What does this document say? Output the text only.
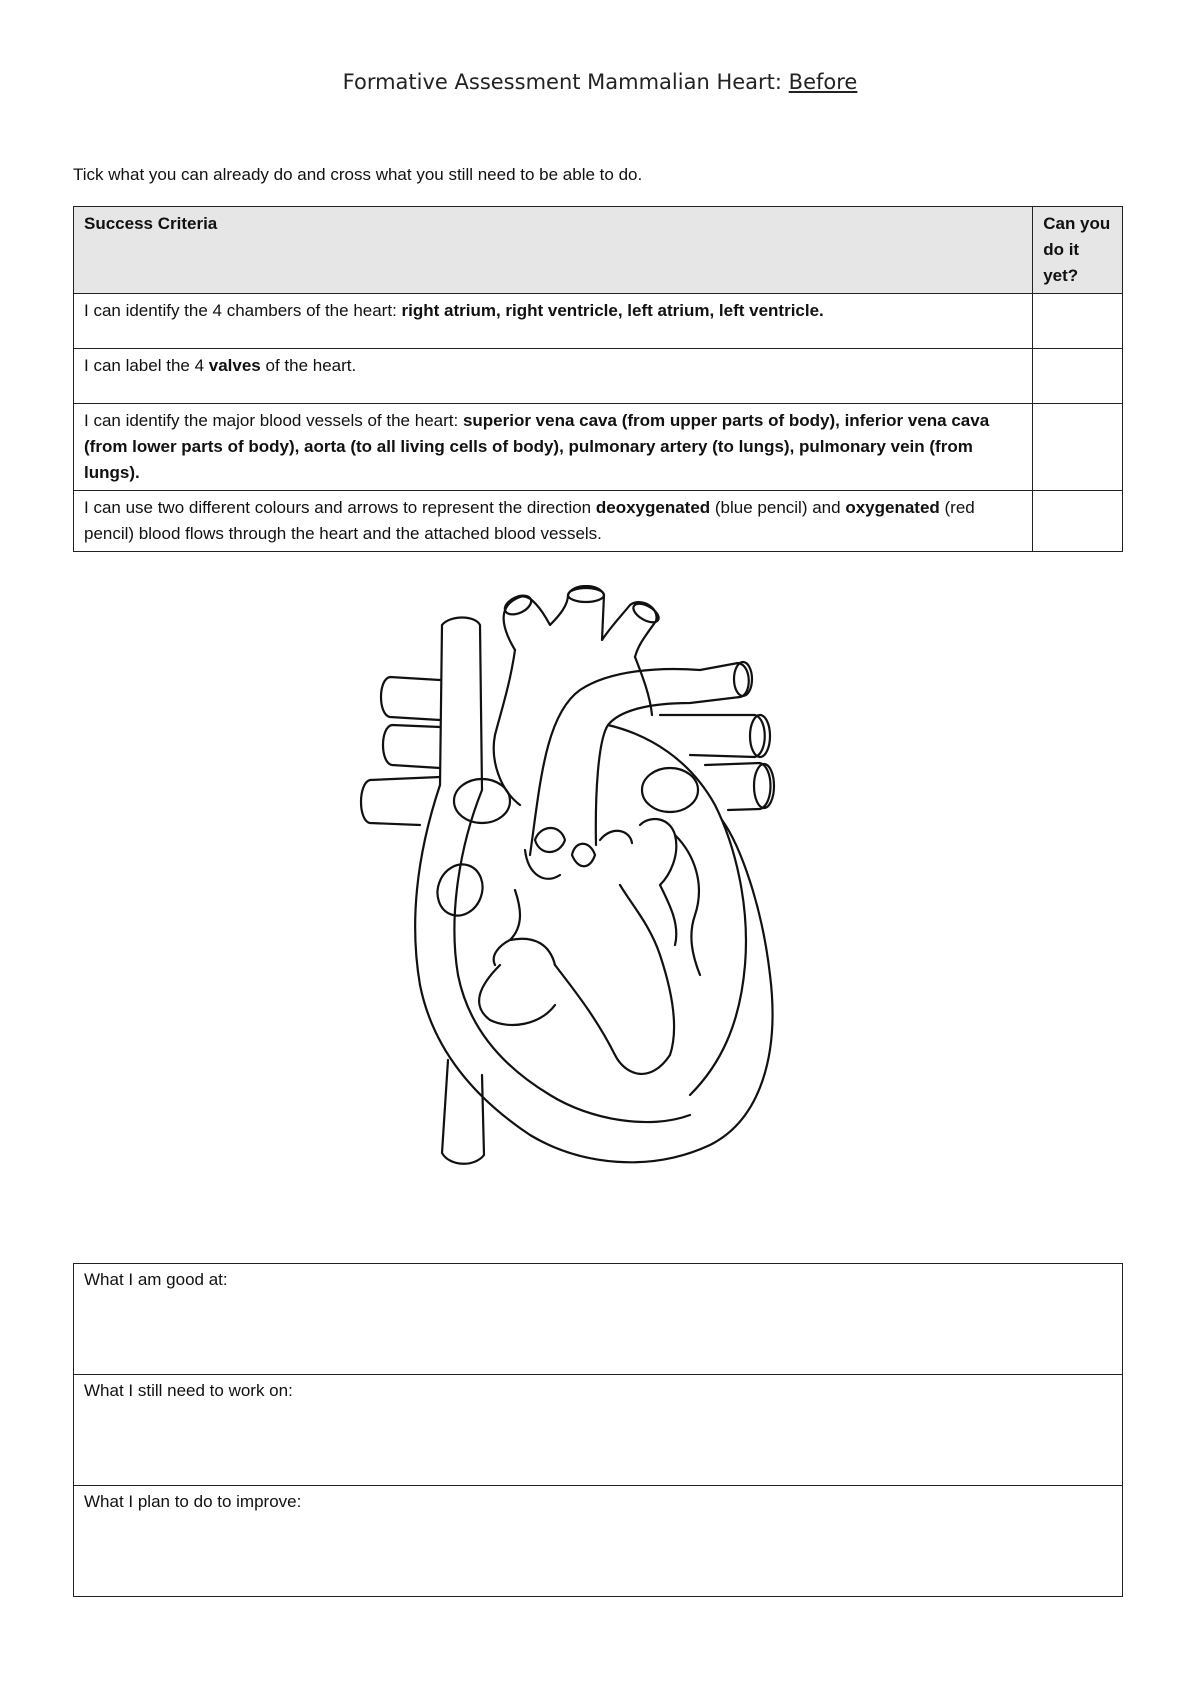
Formative Assessment Mammalian Heart: Before
Tick what you can already do and cross what you still need to be able to do.
Success Criteria	Can you do it yet?
I can identify the 4 chambers of the heart: right atrium, right ventricle, left atrium, left ventricle.	
I can label the 4 valves of the heart.	
I can identify the major blood vessels of the heart: superior vena cava (from upper parts of body), inferior vena cava (from lower parts of body), aorta (to all living cells of body), pulmonary artery (to lungs), pulmonary vein (from lungs).	
I can use two different colours and arrows to represent the direction deoxygenated (blue pencil) and oxygenated (red pencil) blood flows through the heart and the attached blood vessels.	
What I am good at:
What I still need to work on:
What I plan to do to improve:
